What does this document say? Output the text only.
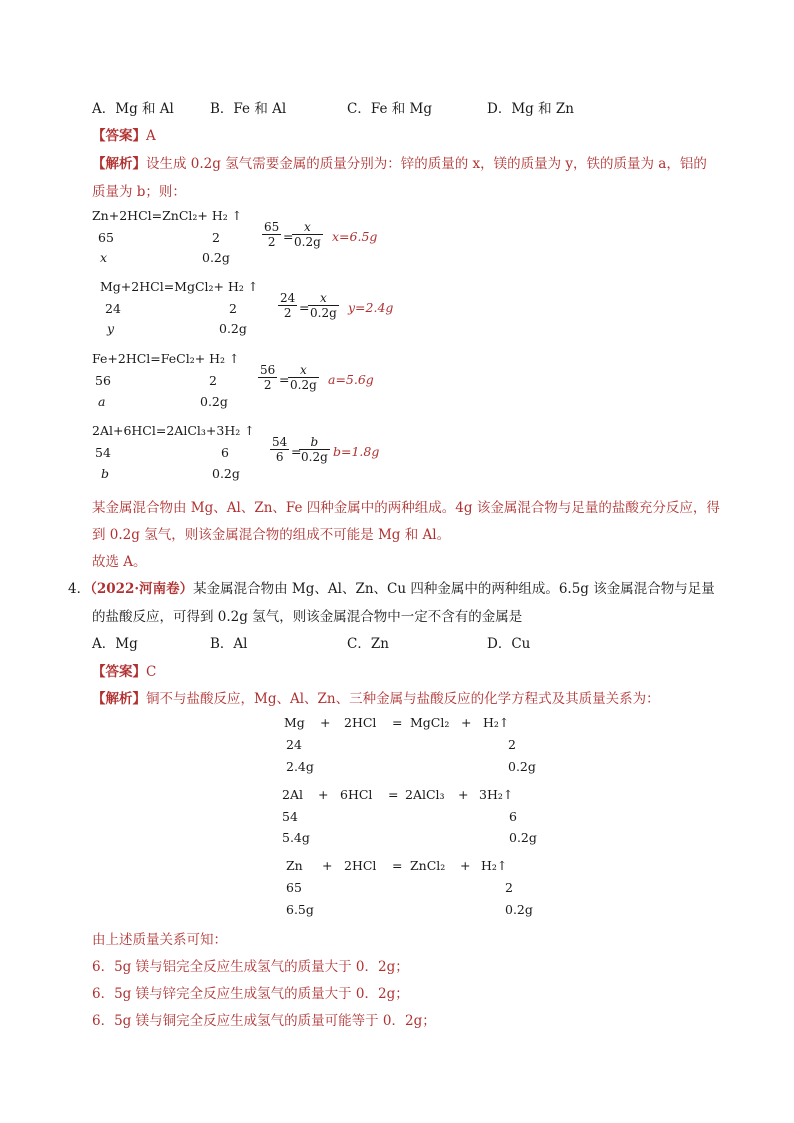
A．Mg 和 Al	B．Fe 和 Al	C．Fe 和 Mg	D．Mg 和 Zn
【答案】A
【解析】设生成 0.2g 氢气需要金属的质量分别为：锌的质量的 x，镁的质量为 y，铁的质量为 a，铝的
质量为 b；则：
Zn+2HCl=ZnCl₂+ H₂ ↑
65	2
x	0.2g
$\frac{65}{2}$ =
$\frac{x}{0.2g} x=6.5g$
Mg+2HCl=MgCl₂+ H₂ ↑
24	2
y	0.2g
$\frac{24}{2}$ =
$\frac{x}{0.2g} y=2.4g$
Fe+2HCl=FeCl₂+ H₂ ↑
56	2
a	0.2g
$\frac{56}{2}$ =
$\frac{x}{0.2g} a=5.6g$
2Al+6HCl=2AlCl₃+3H₂ ↑
54	6
b	0.2g
$\frac{54}{6}$ =
$\frac{b}{0.2g} b=1.8g$
某金属混合物由 Mg、Al、Zn、Fe 四种金属中的两种组成。4g 该金属混合物与足量的盐酸充分反应，得
到 0.2g 氢气，则该金属混合物的组成不可能是 Mg 和 Al。
故选 A。
4．（2022·河南卷）某金属混合物由 Mg、Al、Zn、Cu 四种金属中的两种组成。6.5g 该金属混合物与足量
的盐酸反应，可得到 0.2g 氢气，则该金属混合物中一定不含有的金属是
A．Mg	B．Al	C．Zn	D．Cu
【答案】C
【解析】铜不与盐酸反应，Mg、Al、Zn、三种金属与盐酸反应的化学方程式及其质量关系为：
Mg + 2HCl = MgCl₂ + H₂↑
24	2
2.4g	0.2g
2Al + 6HCl = 2AlCl₃ + 3H₂↑
54	6
5.4g	0.2g
Zn + 2HCl = ZnCl₂ + H₂↑
65	2
6.5g	0.2g
由上述质量关系可知：
6．5g 镁与铝完全反应生成氢气的质量大于 0．2g；
6．5g 镁与锌完全反应生成氢气的质量大于 0．2g；
6．5g 镁与铜完全反应生成氢气的质量可能等于 0．2g；
